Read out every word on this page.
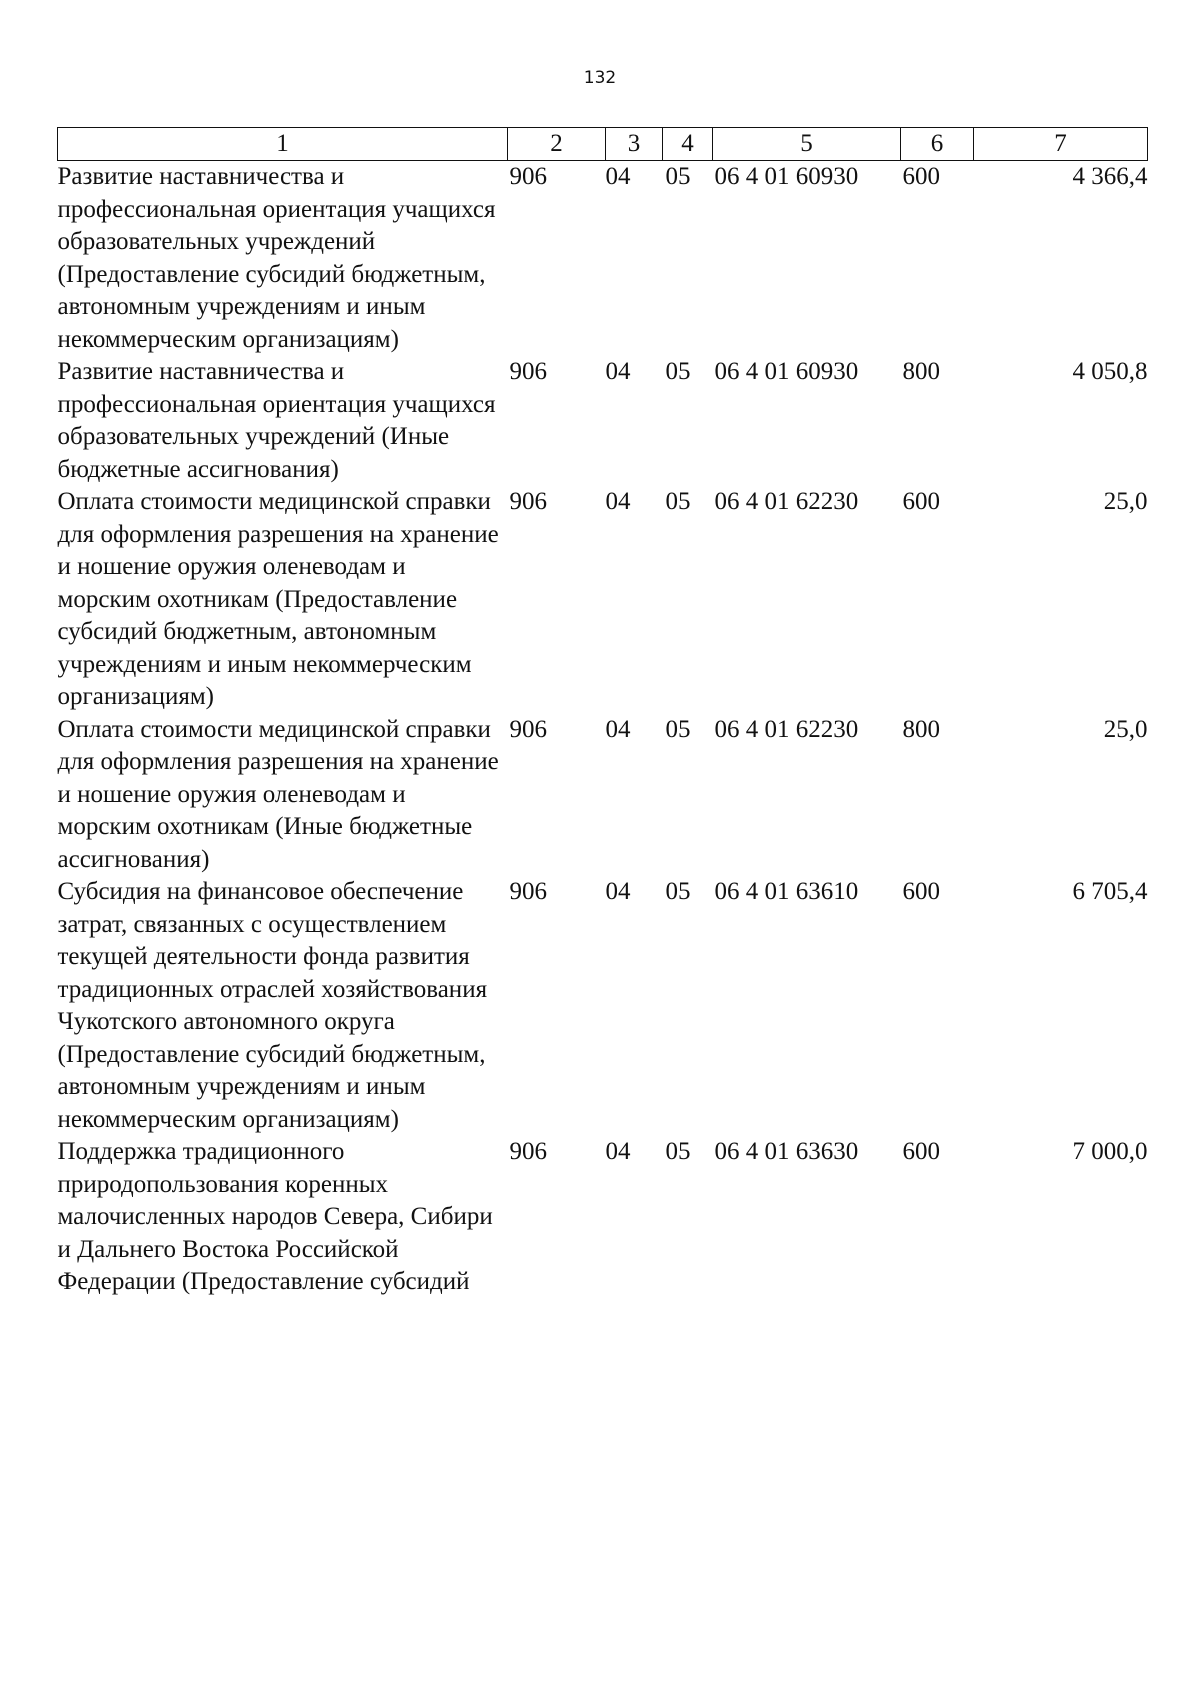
132
1	2	3	4	5	6	7
Развитие наставничества и профессиональная ориентация учащихся образовательных учреждений (Предоставление субсидий бюджетным, автономным учреждениям и иным некоммерческим организациям)	906	04	05	06 4 01 60930	600	4 366,4
Развитие наставничества и профессиональная ориентация учащихся образовательных учреждений (Иные бюджетные ассигнования)	906	04	05	06 4 01 60930	800	4 050,8
Оплата стоимости медицинской справки для оформления разрешения на хранение и ношение оружия оленеводам и морским охотникам (Предоставление субсидий бюджетным, автономным учреждениям и иным некоммерческим организациям)	906	04	05	06 4 01 62230	600	25,0
Оплата стоимости медицинской справки для оформления разрешения на хранение и ношение оружия оленеводам и морским охотникам (Иные бюджетные ассигнования)	906	04	05	06 4 01 62230	800	25,0
Субсидия на финансовое обеспечение затрат, связанных с осуществлением текущей деятельности фонда развития традиционных отраслей хозяйствования Чукотского автономного округа (Предоставление субсидий бюджетным, автономным учреждениям и иным некоммерческим организациям)	906	04	05	06 4 01 63610	600	6 705,4
Поддержка традиционного природопользования коренных малочисленных народов Севера, Сибири и Дальнего Востока Российской Федерации (Предоставление субсидий	906	04	05	06 4 01 63630	600	7 000,0
